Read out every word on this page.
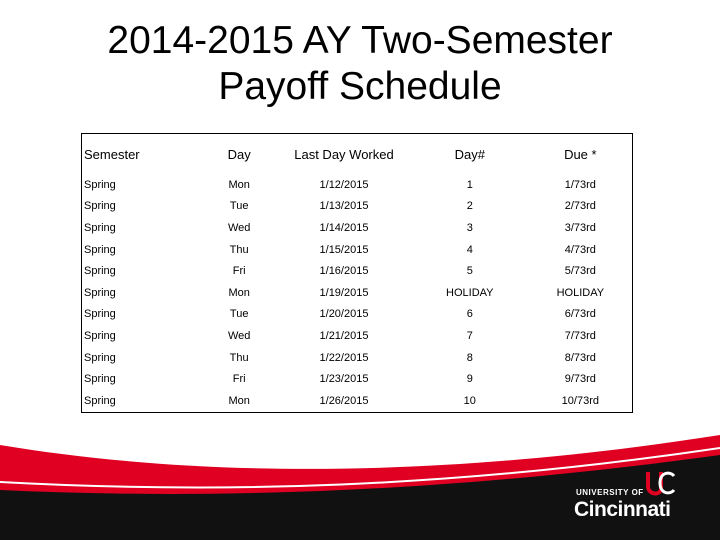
2014-2015 AY Two-Semester
Payoff Schedule
Semester	Day	Last Day Worked	Day#	Due *
Spring	Mon	1/12/2015	1	1/73rd
Spring	Tue	1/13/2015	2	2/73rd
Spring	Wed	1/14/2015	3	3/73rd
Spring	Thu	1/15/2015	4	4/73rd
Spring	Fri	1/16/2015	5	5/73rd
Spring	Mon	1/19/2015	HOLIDAY	HOLIDAY
Spring	Tue	1/20/2015	6	6/73rd
Spring	Wed	1/21/2015	7	7/73rd
Spring	Thu	1/22/2015	8	8/73rd
Spring	Fri	1/23/2015	9	9/73rd
Spring	Mon	1/26/2015	10	10/73rd
UNIVERSITY OF
Cincinnati
